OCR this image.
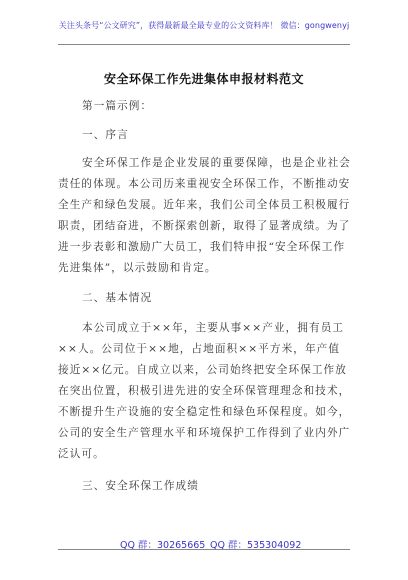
关注头条号“公文研究”，获得最新最全最专业的公文资料库！ 微信：gongwenyj
安全环保工作先进集体申报材料范文
第一篇示例：
一、序言
安全环保工作是企业发展的重要保障，也是企业社会
责任的体现。本公司历来重视安全环保工作，不断推动安
全生产和绿色发展。近年来，我们公司全体员工积极履行
职责，团结奋进，不断探索创新，取得了显著成绩。为了
进一步表彰和激励广大员工，我们特申报“安全环保工作
先进集体”，以示鼓励和肯定。
二、基本情况
本公司成立于××年，主要从事××产业，拥有员工
××人。公司位于××地，占地面积××平方米，年产值
接近××亿元。自成立以来，公司始终把安全环保工作放
在突出位置，积极引进先进的安全环保管理理念和技术，
不断提升生产设施的安全稳定性和绿色环保程度。如今，
公司的安全生产管理水平和环境保护工作得到了业内外广
泛认可。
三、安全环保工作成绩
QQ 群：30265665 QQ 群：535304092
